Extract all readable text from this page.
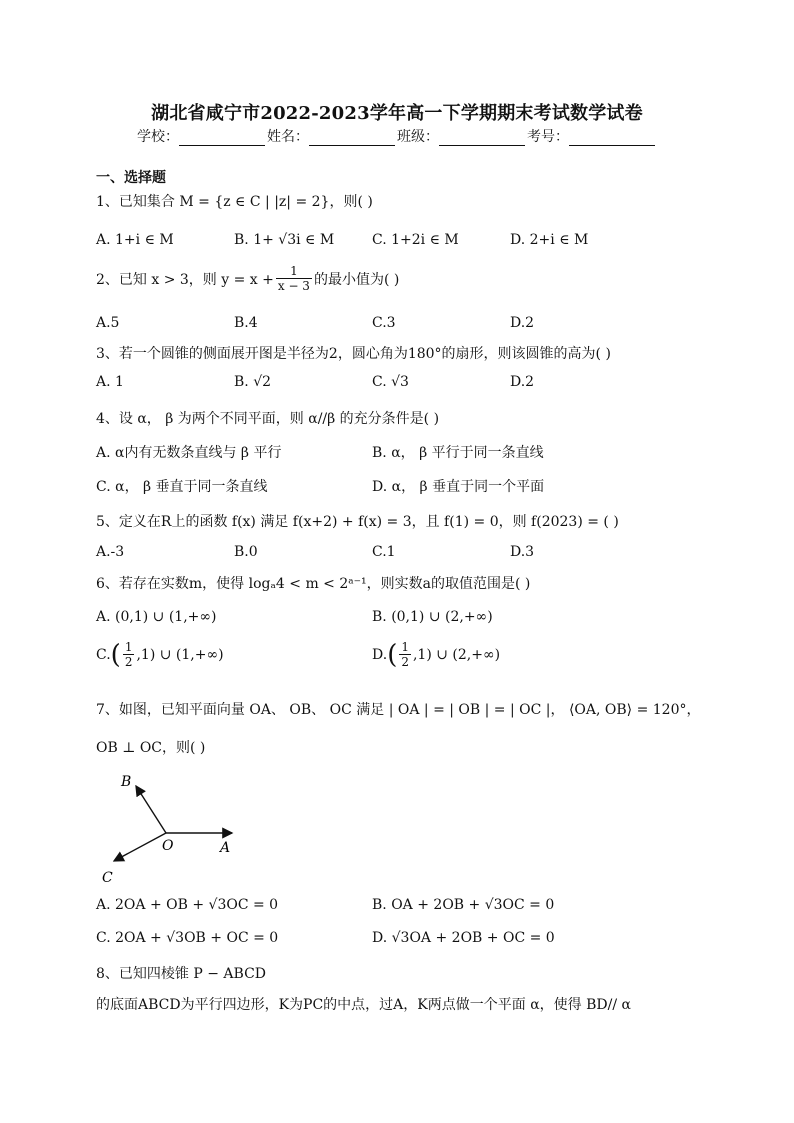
湖北省咸宁市2022-2023学年高一下学期期末考试数学试卷
学校：	姓名：	班级：	考号：
一、选择题
1、已知集合 M = {z ∈ C | |z| = 2}，则( )
A. 1+i ∈ M	B. 1+ √3i ∈ M	C. 1+2i ∈ M	D. 2+i ∈ M
2、已知 x > 3，则 $y = x + \frac{1}{x - 3}$ 的最小值为( )
A.5	B.4	C.3	D.2
3、若一个圆锥的侧面展开图是半径为2，圆心角为180°的扇形，则该圆锥的高为( )
A. 1	B. √2	C. √3	D.2
4、设 α， β 为两个不同平面，则 α//β 的充分条件是( )
A. α内有无数条直线与 β 平行	B. α， β 平行于同一条直线
C. α， β 垂直于同一条直线	D. α， β 垂直于同一个平面
5、定义在R上的函数 f(x) 满足 f(x+2) + f(x) = 3，且 f(1) = 0，则 f(2023) = ( )
A.-3	B.0	C.1	D.3
6、若存在实数m，使得 logₐ4 < m < 2ᵃ⁻¹，则实数a的取值范围是( )
A. (0,1) ∪ (1,+∞)	B. (0,1) ∪ (2,+∞)
C. ( $\frac{1}{2} ,1$) ∪ (1,+∞)	D. ( $\frac{1}{2} ,1$) ∪ (2,+∞)
7、如图，已知平面向量 OA、 OB、 OC 满足 | OA | = | OB | = | OC |， ⟨OA, OB⟩ = 120°，
OB ⊥ OC，则( )
B
O	A
C
A. 2OA + OB + √3OC = 0	B. OA + 2OB + √3OC = 0
C. 2OA + √3OB + OC = 0	D. √3OA + 2OB + OC = 0
8、已知四棱锥 P − ABCD
的底面ABCD为平行四边形，K为PC的中点，过A，K两点做一个平面 α，使得 BD// α
